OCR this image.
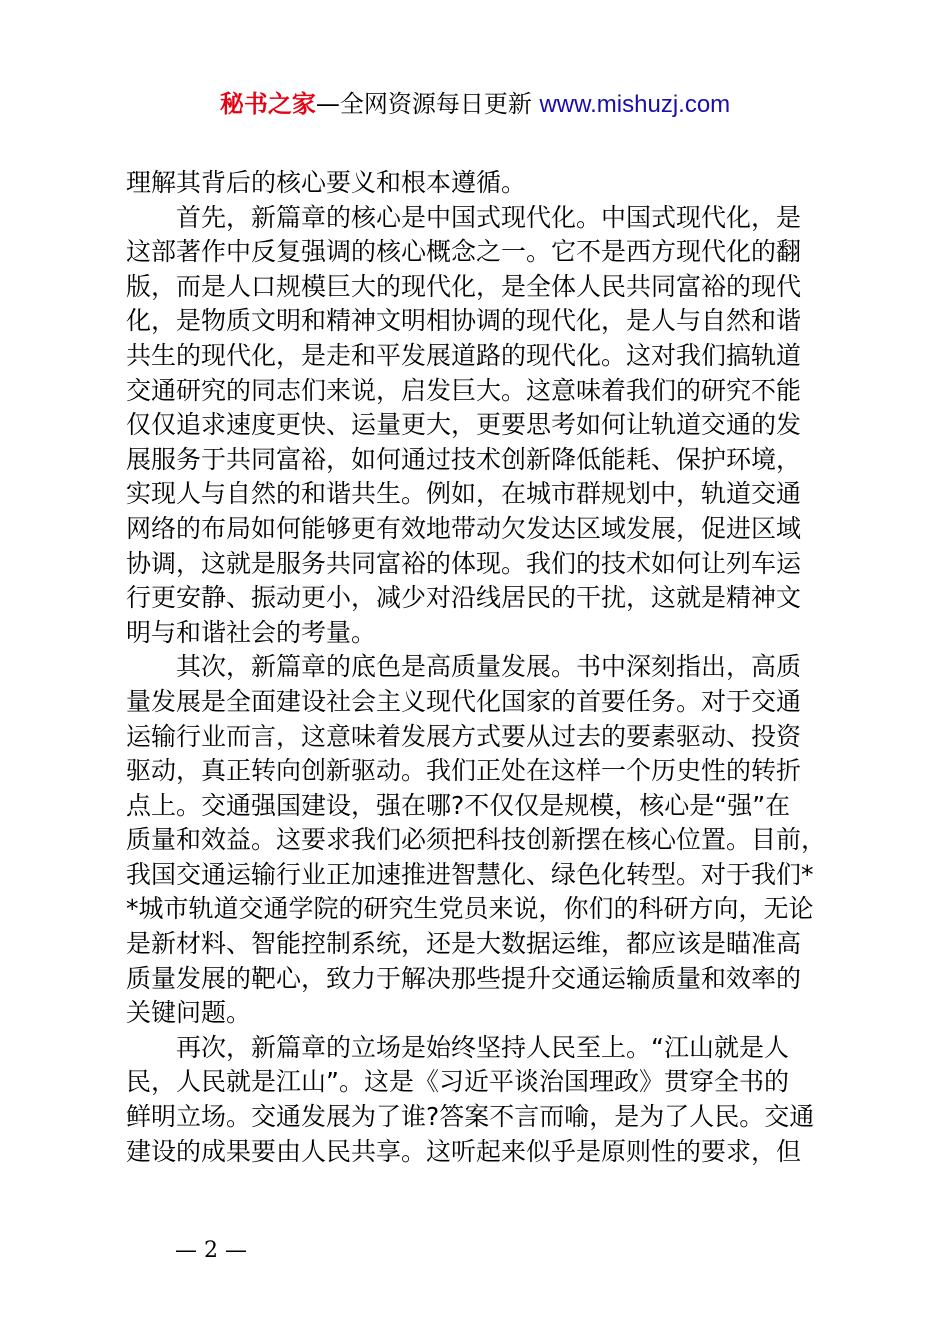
秘书之家—全网资源每日更新 www.mishuzj.com
理解其背后的核心要义和根本遵循。
首先，新篇章的核心是中国式现代化。中国式现代化，是
这部著作中反复强调的核心概念之一。它不是西方现代化的翻
版，而是人口规模巨大的现代化，是全体人民共同富裕的现代
化，是物质文明和精神文明相协调的现代化，是人与自然和谐
共生的现代化，是走和平发展道路的现代化。这对我们搞轨道
交通研究的同志们来说，启发巨大。这意味着我们的研究不能
仅仅追求速度更快、运量更大，更要思考如何让轨道交通的发
展服务于共同富裕，如何通过技术创新降低能耗、保护环境，
实现人与自然的和谐共生。例如，在城市群规划中，轨道交通
网络的布局如何能够更有效地带动欠发达区域发展，促进区域
协调，这就是服务共同富裕的体现。我们的技术如何让列车运
行更安静、振动更小，减少对沿线居民的干扰，这就是精神文
明与和谐社会的考量。
其次，新篇章的底色是高质量发展。书中深刻指出，高质
量发展是全面建设社会主义现代化国家的首要任务。对于交通
运输行业而言，这意味着发展方式要从过去的要素驱动、投资
驱动，真正转向创新驱动。我们正处在这样一个历史性的转折
点上。交通强国建设，强在哪?不仅仅是规模，核心是“强”在
质量和效益。这要求我们必须把科技创新摆在核心位置。目前，
我国交通运输行业正加速推进智慧化、绿色化转型。对于我们*
*城市轨道交通学院的研究生党员来说，你们的科研方向，无论
是新材料、智能控制系统，还是大数据运维，都应该是瞄准高
质量发展的靶心，致力于解决那些提升交通运输质量和效率的
关键问题。
再次，新篇章的立场是始终坚持人民至上。“江山就是人
民，人民就是江山”。这是《习近平谈治国理政》贯穿全书的
鲜明立场。交通发展为了谁?答案不言而喻，是为了人民。交通
建设的成果要由人民共享。这听起来似乎是原则性的要求，但
— 2 —
